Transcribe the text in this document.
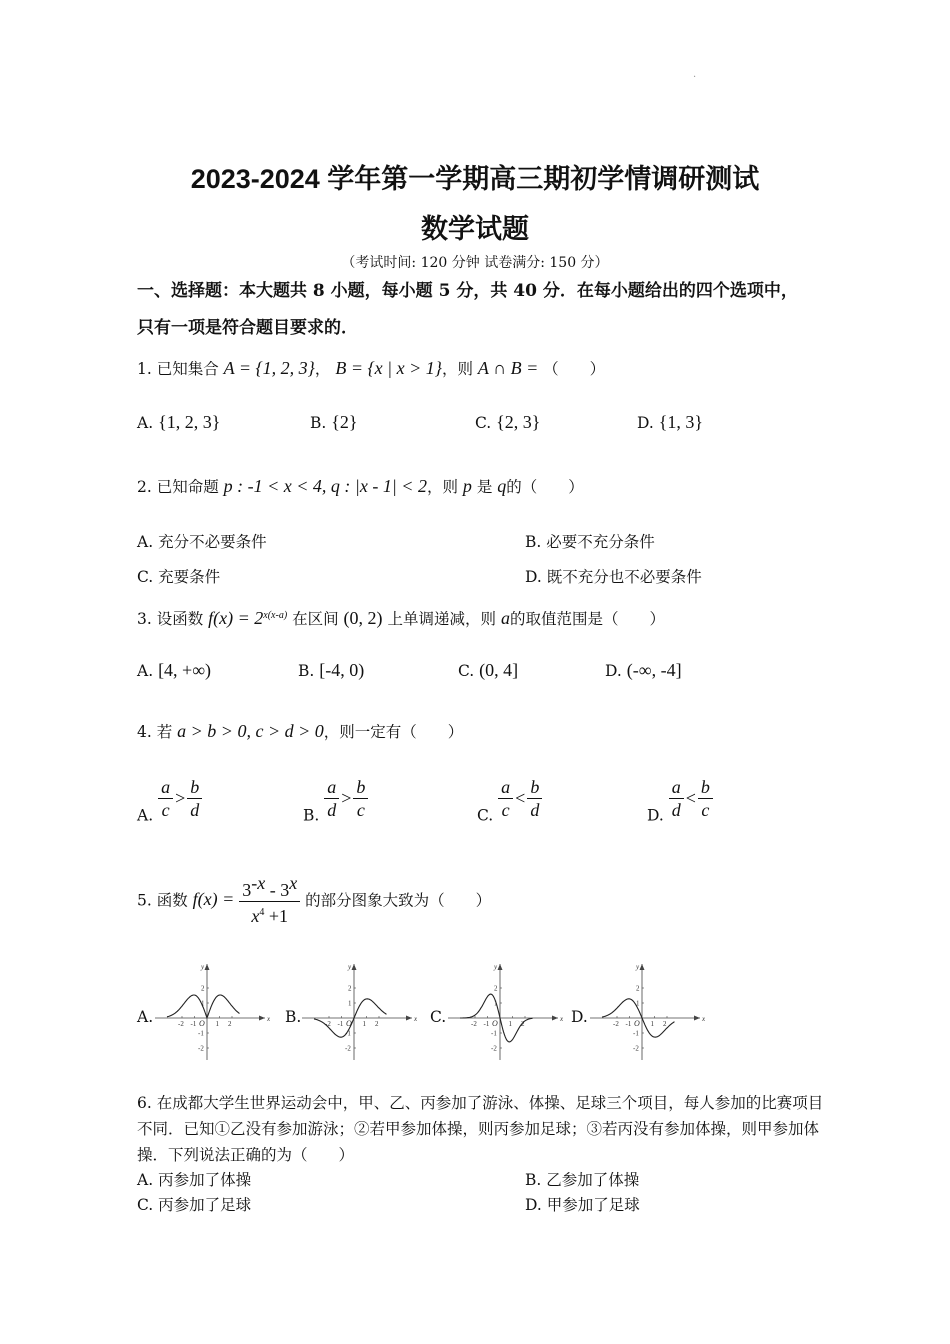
·
2023-2024 学年第一学期高三期初学情调研测试
数学试题
（考试时间: 120 分钟 试卷满分: 150 分）
一、选择题：本大题共 8 小题，每小题 5 分，共 40 分．在每小题给出的四个选项中，
只有一项是符合题目要求的．
1. 已知集合 A = {1, 2, 3}， B = {x | x > 1}，则 A ∩ B = （　　）
A. {1, 2, 3}	B. {2}	C. {2, 3}	D. {1, 3}
2. 已知命题 p : -1 < x < 4, q : |x - 1| < 2，则 p 是 q的（　　）
A. 充分不必要条件	B. 必要不充分条件
C. 充要条件	D. 既不充分也不必要条件
3. 设函数 $f(x) = 2^{x(x-a)}$ 在区间 (0, 2) 上单调递减，则 a的取值范围是（　　）
A. [4, +∞)	B. [-4, 0)	C. (0, 4]	D. (-∞, -4]
4. 若 a > b > 0, c > d > 0，则一定有（　　）
A. $\frac{a}{c} > \frac{b}{d}$	B. $\frac{a}{d} > \frac{b}{c}$	C. $\frac{a}{c} < \frac{b}{d}$	D. $\frac{a}{d} < \frac{b}{c}$
5. 函数 $f(x) = \frac{3^{-x} - 3^x}{x^4 +1}$ 的部分图象大致为（　　）
A.	B.	C.	D.
x
y
O
-2 -1	1 2
2
1
-1
-2
x
y
O
-2 -1	1 2
2
1
-1
-2
x
y
O
-2 -1	1 2
2
1
-1
-2
x
y
O
-2 -1	1 2
2
1
-1
-2
6. 在成都大学生世界运动会中，甲、乙、丙参加了游泳、体操、足球三个项目，每人参加的比赛项目不同．已知①乙没有参加游泳；②若甲参加体操，则丙参加足球；③若丙没有参加体操，则甲参加体操．下列说法正确的为（　　）
A. 丙参加了体操	B. 乙参加了体操
C. 丙参加了足球	D. 甲参加了足球
